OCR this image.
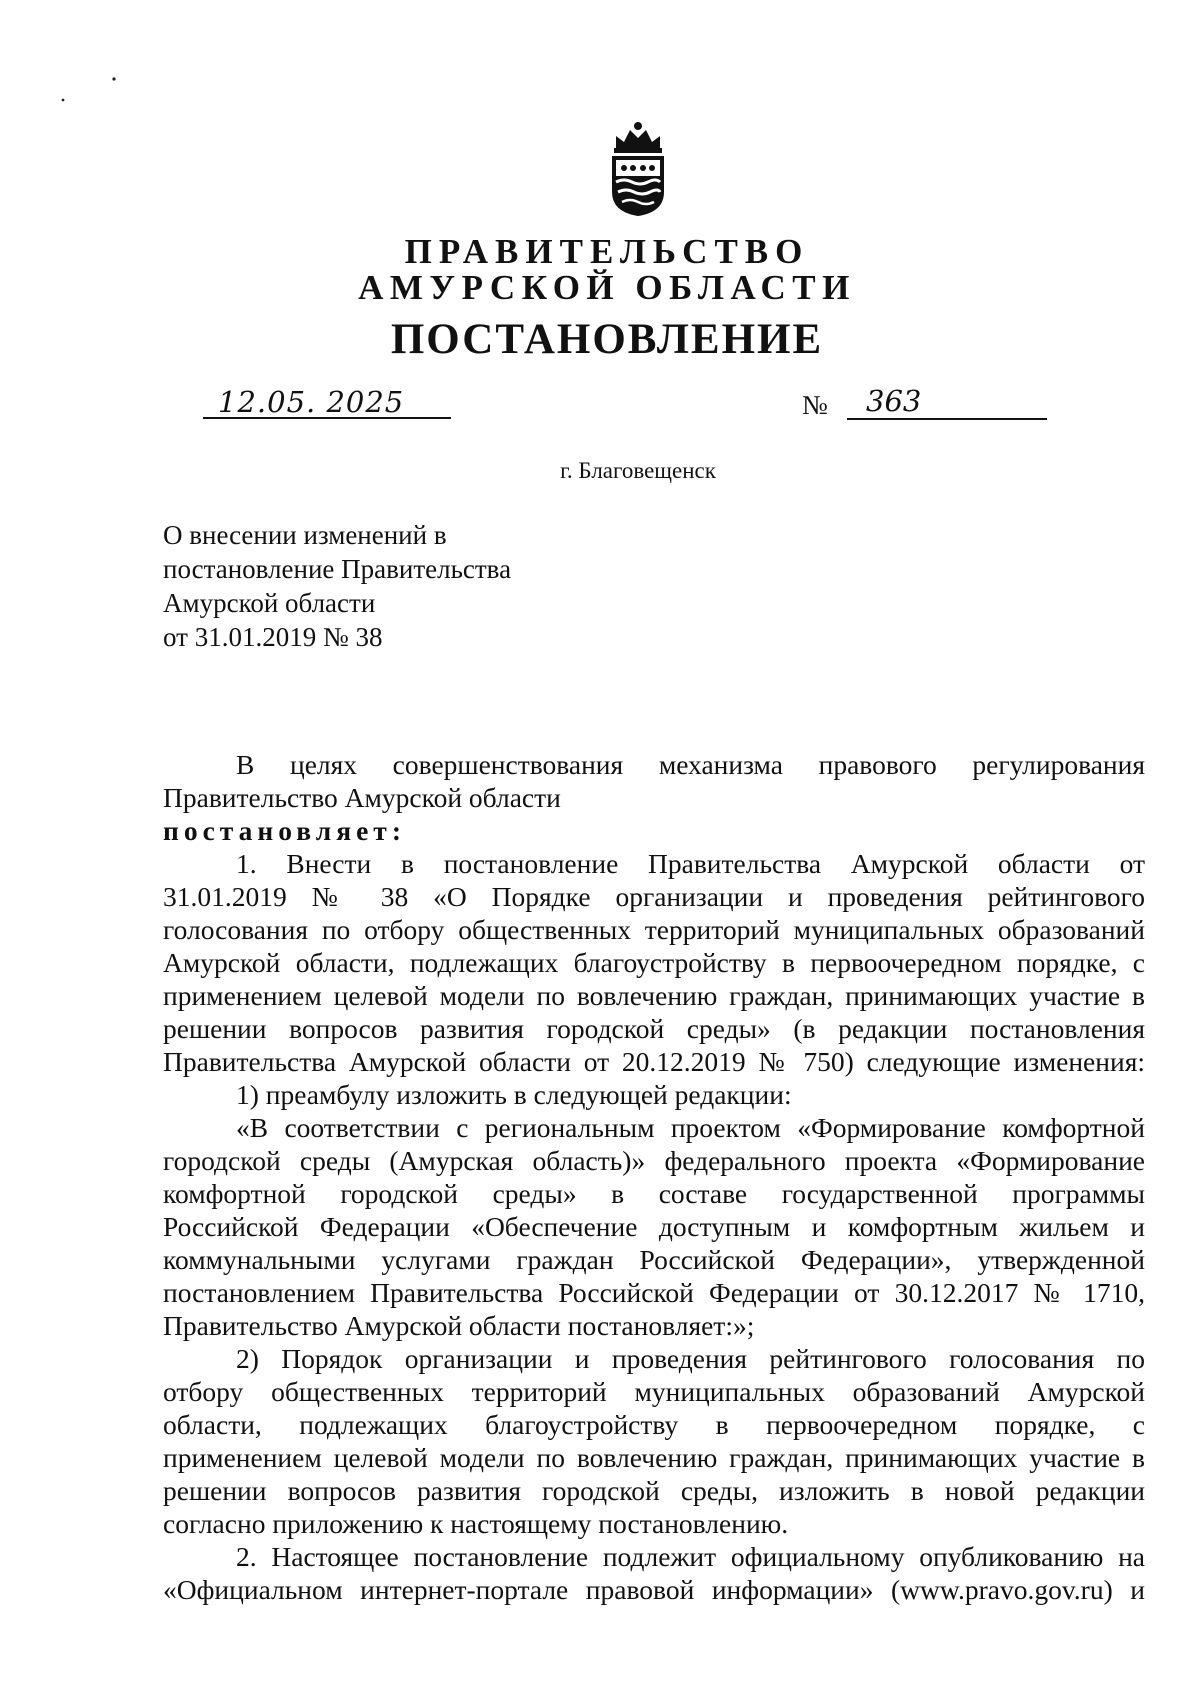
ПРАВИТЕЛЬСТВО
АМУРСКОЙ ОБЛАСТИ
ПОСТАНОВЛЕНИЕ
12.05. 2025	№ 363
г. Благовещенск
О внесении изменений в
постановление Правительства
Амурской области
от 31.01.2019 № 38
В целях совершенствования механизма правового регулирования
Правительство Амурской области
постановляет:
1. Внести в постановление Правительства Амурской области от
31.01.2019 № 38 «О Порядке организации и проведения рейтингового
голосования по отбору общественных территорий муниципальных образований
Амурской области, подлежащих благоустройству в первоочередном порядке, с
применением целевой модели по вовлечению граждан, принимающих участие в
решении вопросов развития городской среды» (в редакции постановления
Правительства Амурской области от 20.12.2019 № 750) следующие изменения:
1) преамбулу изложить в следующей редакции:
«В соответствии с региональным проектом «Формирование комфортной
городской среды (Амурская область)» федерального проекта «Формирование
комфортной городской среды» в составе государственной программы
Российской Федерации «Обеспечение доступным и комфортным жильем и
коммунальными услугами граждан Российской Федерации», утвержденной
постановлением Правительства Российской Федерации от 30.12.2017 № 1710,
Правительство Амурской области постановляет:»;
2) Порядок организации и проведения рейтингового голосования по
отбору общественных территорий муниципальных образований Амурской
области, подлежащих благоустройству в первоочередном порядке, с
применением целевой модели по вовлечению граждан, принимающих участие в
решении вопросов развития городской среды, изложить в новой редакции
согласно приложению к настоящему постановлению.
2. Настоящее постановление подлежит официальному опубликованию на
«Официальном интернет-портале правовой информации» (www.pravo.gov.ru) и
